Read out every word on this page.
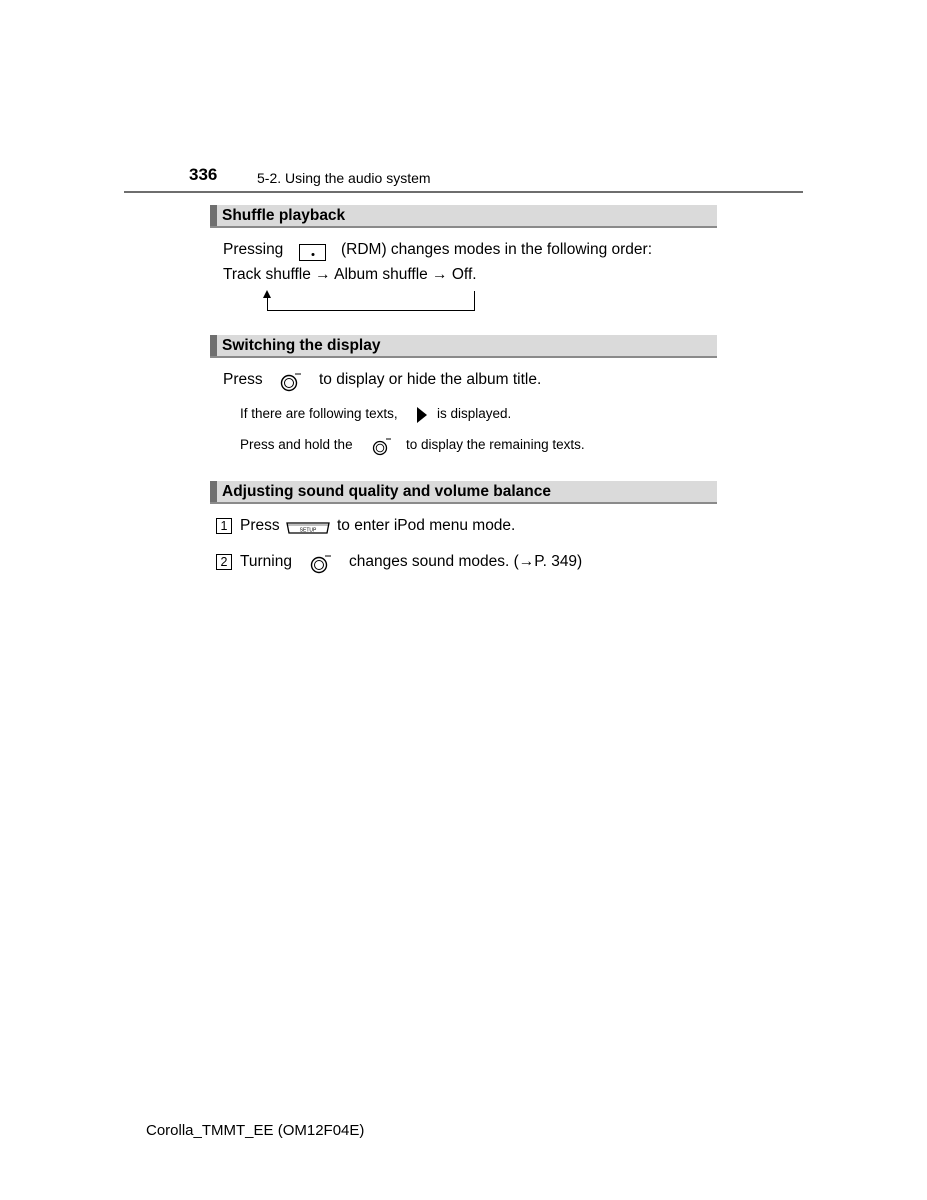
336	5-2. Using the audio system
Shuffle playback
Pressing	(RDM) changes modes in the following order:
Track shuffle → Album shuffle → Off.
Switching the display
Press	to display or hide the album title.
If there are following texts,	is displayed.
Press and hold the	to display the remaining texts.
Adjusting sound quality and volume balance
1 Press	SETUP to enter iPod menu mode.
2 Turning	changes sound modes. (→P. 349)
Corolla_TMMT_EE (OM12F04E)
